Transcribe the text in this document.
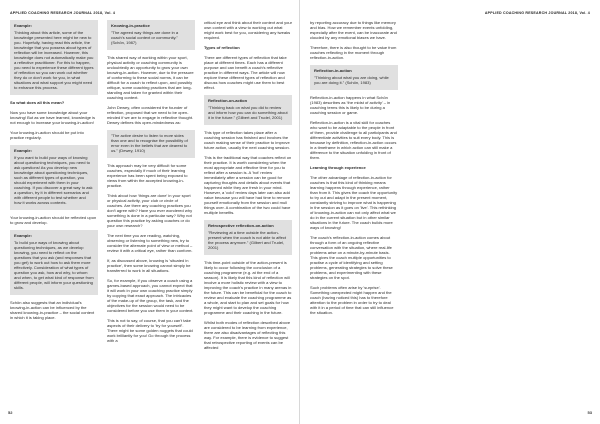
APPLIED COACHING RESEARCH JOURNAL 2018, Vol. 4

Example:

Thinking about this article, some of the knowledge presented here might be new to you. Hopefully, having read this article, the knowledge that you possess about types of reflection will be increased. However, this knowledge does not automatically make you a reflective practitioner. For this to happen, you need to experience these different types of reflection so you can work out whether they do or don't work for you, in what situations and what support you might need to enhance this process.

So what does all this mean?

Now you have some knowledge about your knowing! But as we have learned, knowledge is not enough to increase your knowing-in-action!

Your knowing-in-action should be put into practice regularly.

Example:

If you want to build your ways of knowing about questioning techniques, you need to ask questions! As you develop new knowledge about questioning techniques, such as different types of question, you should experiment with them in your coaching. If you discover a great way to ask a question, try it in different scenarios and with different people to test whether and how it works across contexts.

Your knowing-in-action should be reflected upon to grow and develop.

Example:

To build your ways of knowing about questioning techniques, as we develop knowing, you need to reflect on the questions that you ask (and responses that you get) to work out how to ask them more effectively. Consideration of what types of question you ask, how and why, to whom and when, to get what kind of response from different people, will inform your questioning skills.

Schön also suggests that an individual's knowing-in-action can be influenced by the shared knowing-in-practice – the social context in which it is taking place.

Knowing-in-practice

"The agreed way things are done in a coach's social context or community." (Schön, 1987)

This shared way of working within your sport, physical activity or coaching community is undoubtedly an opportunity to grow your own knowing-in-action. However, due to the pressure of conforming to these social norms, it can be difficult for a coach to reflect upon, and possibly critique, some coaching practices that are long-standing and taken for granted within their coaching context.

John Dewey, often considered the founder of reflection, proposed that we need to be open-minded if we are to engage in reflective thought. Dewey defines this open-mindedness as:

"The active desire to listen to more sides than one and to recognise the possibility of error even in the beliefs that are dearest to us." (Dewey, 1910)

This approach may be very difficult for some coaches, especially if much of their learning experience has been spent being exposed to views from within the accepted knowing-in-practice.

Think about how 'things are done' in your sport or physical activity, your club or circle of coaches. Are there any coaching practices you don't agree with? Have you ever wondered why something is done in a particular way? Why not question this practice by asking coaches or do your own research?

The next time you are reading, watching, observing or listening to something new, try to consider the alternate point of view or method – review it with a critical eye, rather than conform.

If, as discussed above, knowing is 'situated in practice', then some knowing cannot simply be transferred to work in all situations.

So, for example, if you observe a coach using a games-based approach, you cannot expect that it will work in your own coaching practice simply by copying that exact approach. The intricacies of the make-up of the group, the task, and the objectives for the session would need to be considered before you use them in your context.

This is not to say, of course, that you can't take aspects of their delivery to 'try for yourself'. There might be some golden nuggets that could work brilliantly for you! Go through the process with a

critical eye and think about their context and your own context with a view to working out what might work best for you, considering any tweaks required.

Types of reflection

There are different types of reflection that take place at different times. Each has a different purpose and can benefit a coach's reflective practice in different ways. The article will now explore these different types of reflection and discuss how coaches might use them to best effect.

Reflection-on-action

"Thinking back on what you did to review and inform how you can do something about it in the future." (Gilbert and Trudel, 2001)

This type of reflection takes place after a coaching session has finished and involves the coach making sense of their practice to improve future action, usually the next coaching session.

This is the traditional way that coaches reflect on their practice. It is worth considering when the most appropriate and effective time for you to reflect after a session is. A 'hot' review immediately after a session can be good for capturing thoughts and details about events that happened while they are fresh in your mind. However, a 'cold' review days later can also add value because you will have had time to remove yourself emotionally from the session and mull things over. A combination of the two could have multiple benefits.

Retrospective reflection-on-action

"Reviewing at a time outside the action-present when the coach is not able to affect the process anymore." (Gilbert and Trudel, 2001)

This time-point outside of the action-present is likely to occur following the conclusion of a coaching programme (e.g. at the end of a season). It is likely that this kind of reflection will involve a more holistic review with a view to improving the coach's practice in many arenas in the future. This can be beneficial for the coach to review and evaluate the coaching programme as a whole, and start to plan and set goals for how they might want to develop the coaching programme and their coaching in the future.

Whilst both modes of reflection described above are considered to be learning from experience, there are also disadvantages of reflecting this way. For example, there is evidence to suggest that retrospective reporting of events can be affected

52
APPLIED COACHING RESEARCH JOURNAL 2018, Vol. 4

by reporting accuracy due to things like memory and bias. How we remember events unfolding, especially after the event, can be inaccurate and clouded by any emotional biases we have.

Therefore, there is also thought to be value from coaches reflecting in the moment through reflection-in-action.

Reflection-in-action

"Thinking about what you are doing, while you are doing it." (Schön, 1983)

Reflection-in-action happens in what Schön (1983) describes as 'the midst of activity' – in coaching terms this is likely to be during a coaching session or game.

Reflection-in-action is a vital skill for coaches who want to be adaptable to the people in front of them, provide challenge to all participants and differentiate activities to suit every body. This is because by definition, reflection-in-action occurs in a timeframe in which action can still make a difference to the situation unfolding in front of them.

Learning through experience

The other advantage of reflection-in-action for coaches is that this kind of thinking means learning happens through experience, rather than from it. This gives the coach the opportunity to try out and adapt in the present moment, constantly striving to improve what is happening in the session as it goes on 'live'. This rethinking of knowing-in-action can not only affect what we do in the current situation but in other similar situations in the future. The coach builds more ways of knowing!

The coach's reflection-in-action comes about through a form of an ongoing reflective conversation with the situation, where real-life problems arise on a minute-by-minute basis. This gives the coach multiple opportunities to practise a cycle of identifying and setting problems, generating strategies to solve these problems, and experimenting with these strategies on the spot.

Such problems often arise by 'surprise'. Something unexpected might happen and the coach (having noticed this) has to therefore attention to the problem in order to try to deal with it in a period of time that can still influence the situation.

53
